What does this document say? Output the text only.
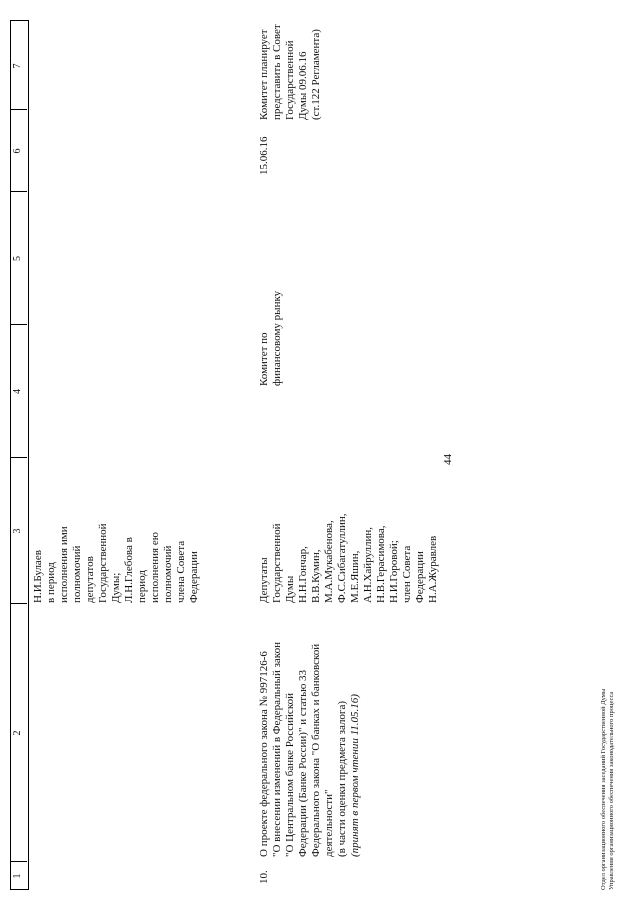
44
1
2
3
4
5
6
7
Н.И.Булаев в период исполнения ими полномочий депутатов Государственной Думы; Л.Н.Глебова в период исполнения ею полномочий члена Совета Федерации
10.
О проекте федерального закона № 997126-6 "О внесении изменений в Федеральный закон "О Центральном банке Российской Федерации (Банке России)" и статью 33 Федерального закона "О банках и банковской деятельности" (в части оценки предмета залога) (принят в первом чтении 11.05.16)
Депутаты Государственной Думы Н.Н.Гончар, В.В.Кумин, М.А.Мукабенова, Ф.С.Сибагатуллин, М.Е.Яшин, А.Н.Хайруллин, Н.В.Герасимова, Н.И.Горовой; член Совета Федерации Н.А.Журавлев
Комитет по финансовому рынку
15.06.16
Комитет планирует представить в Совет Государственной Думы 09.06.16 (ст.122 Регламента)
Отдел организационного обеспечения заседаний Государственной Думы Управления организационного обеспечения законодательного процесса
